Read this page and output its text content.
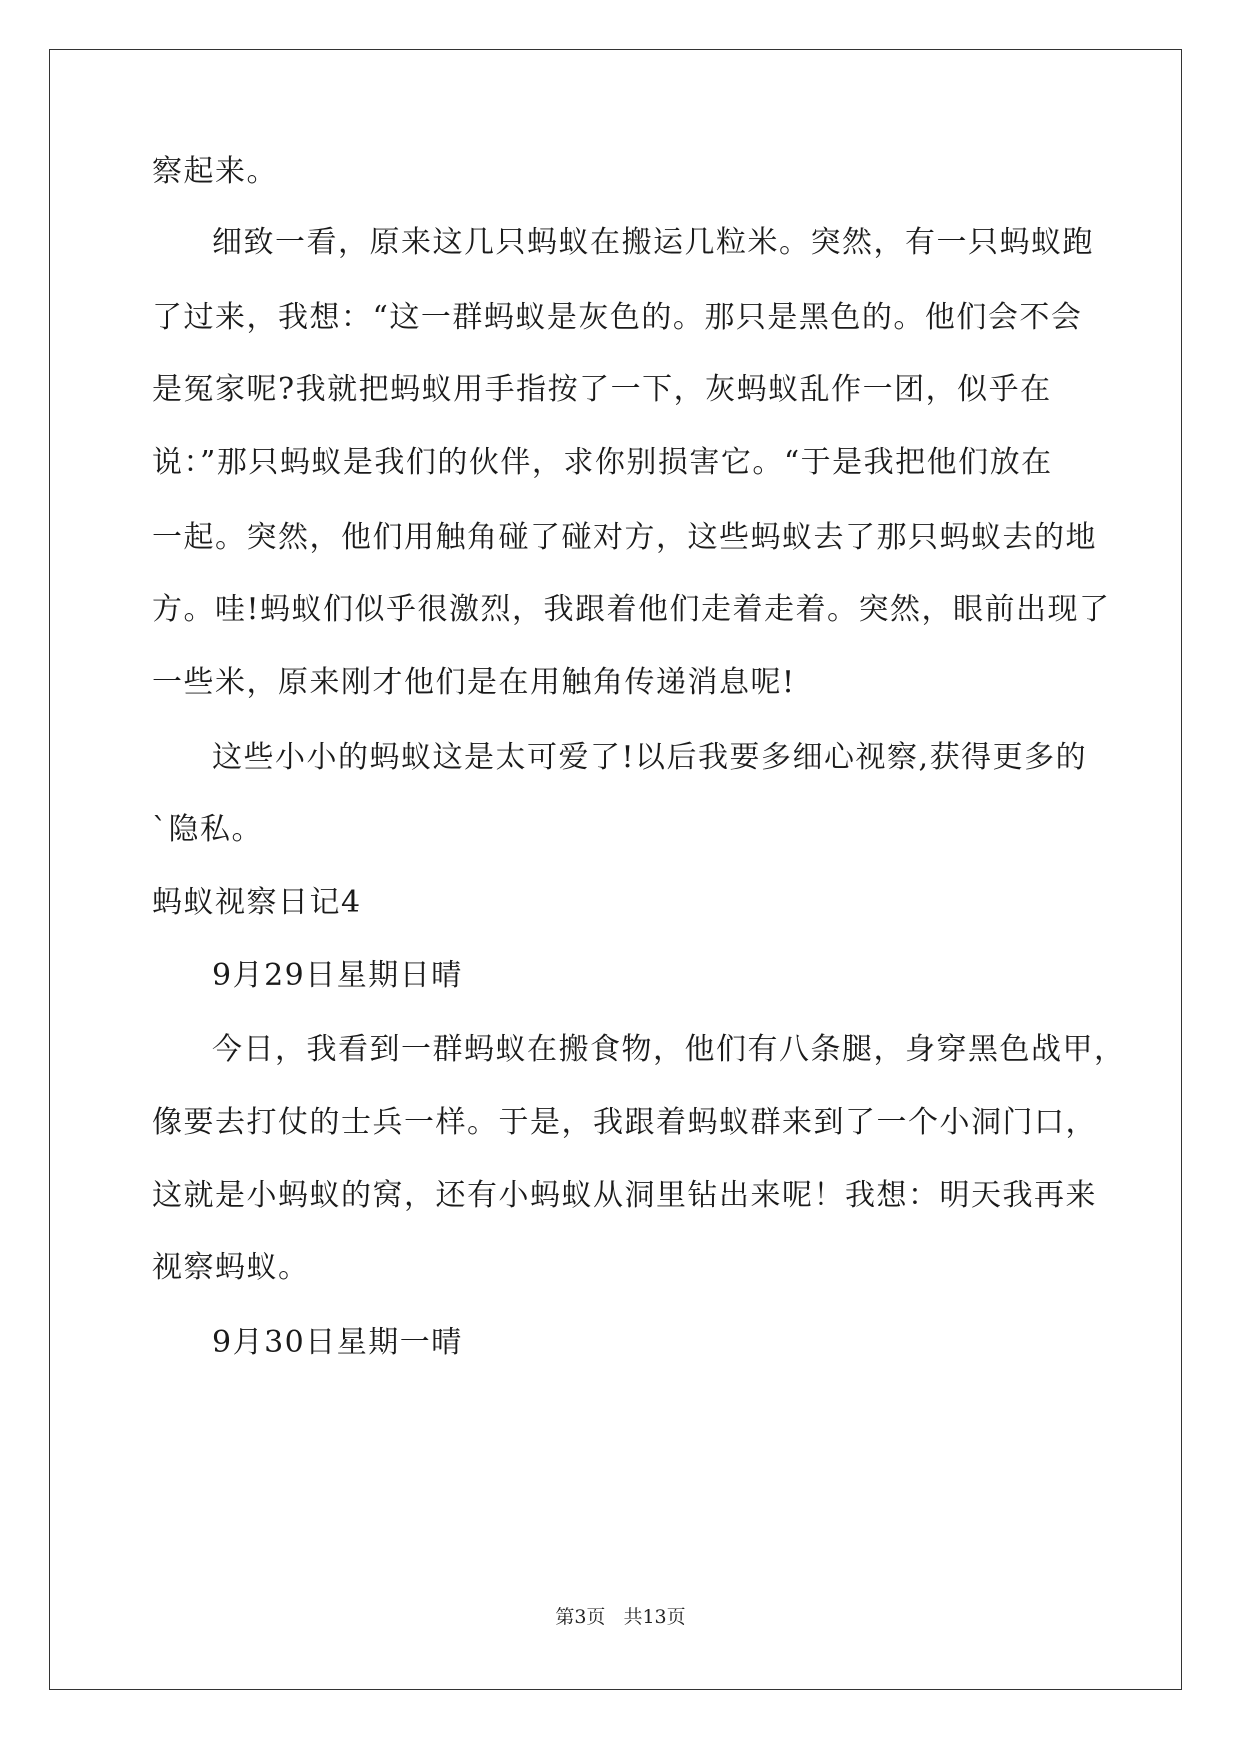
察起来。
细致一看，原来这几只蚂蚁在搬运几粒米。突然，有一只蚂蚁跑
了过来，我想：“这一群蚂蚁是灰色的。那只是黑色的。他们会不会
是冤家呢?我就把蚂蚁用手指按了一下，灰蚂蚁乱作一团，似乎在
说：”那只蚂蚁是我们的伙伴，求你别损害它。“于是我把他们放在
一起。突然，他们用触角碰了碰对方，这些蚂蚁去了那只蚂蚁去的地
方。哇!蚂蚁们似乎很激烈，我跟着他们走着走着。突然，眼前出现了
一些米，原来刚才他们是在用触角传递消息呢!
这些小小的蚂蚁这是太可爱了!以后我要多细心视察,获得更多的
`隐私。
蚂蚁视察日记4
9月29日星期日晴
今日，我看到一群蚂蚁在搬食物，他们有八条腿，身穿黑色战甲，
像要去打仗的士兵一样。于是，我跟着蚂蚁群来到了一个小洞门口，
这就是小蚂蚁的窝，还有小蚂蚁从洞里钻出来呢！我想：明天我再来
视察蚂蚁。
9月30日星期一晴
第3页 共13页
